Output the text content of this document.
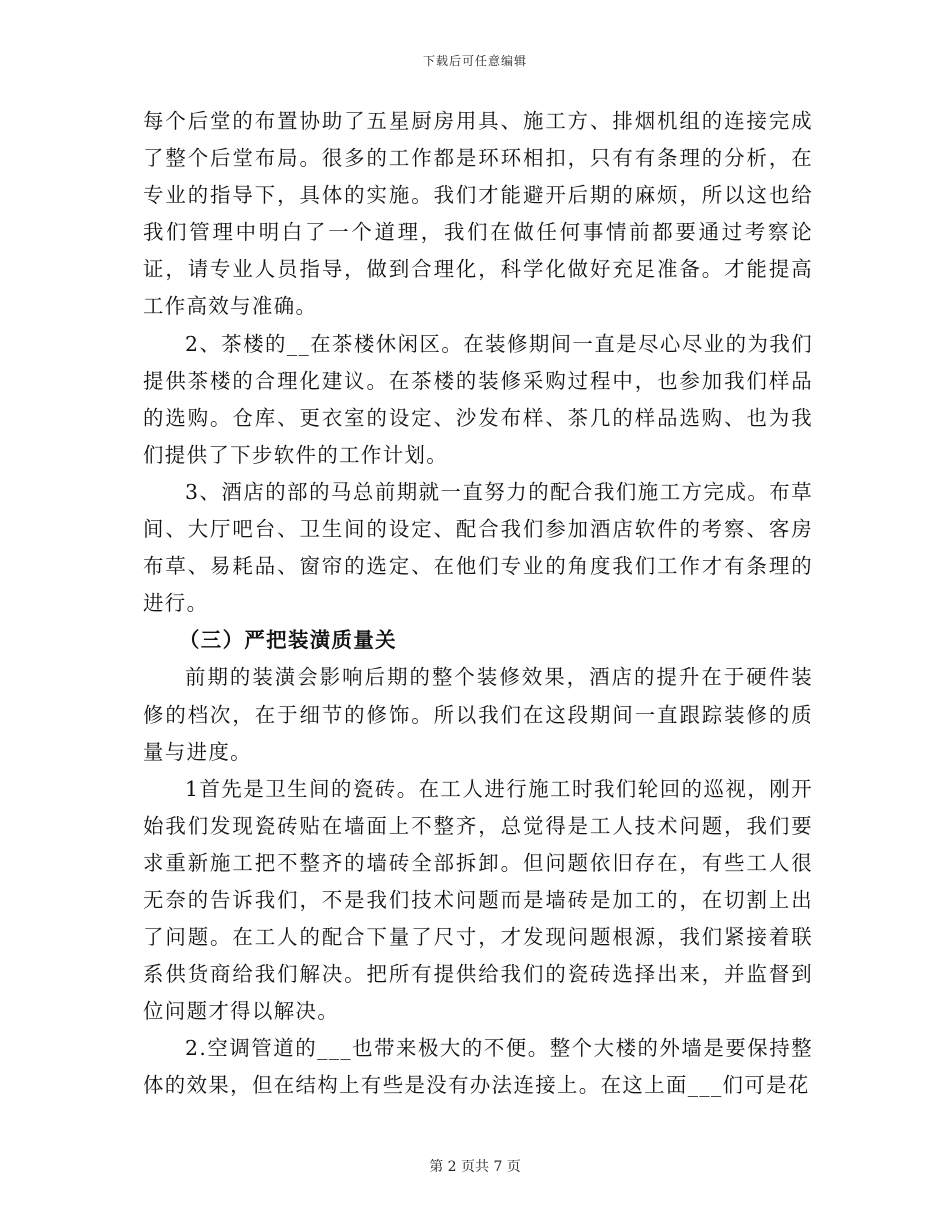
下载后可任意编辑

每个后堂的布置协助了五星厨房用具、施工方、排烟机组的连接完成了整个后堂布局。很多的工作都是环环相扣，只有有条理的分析，在专业的指导下，具体的实施。我们才能避开后期的麻烦，所以这也给我们管理中明白了一个道理，我们在做任何事情前都要通过考察论证，请专业人员指导，做到合理化，科学化做好充足准备。才能提高工作高效与准确。

2、茶楼的__在茶楼休闲区。在装修期间一直是尽心尽业的为我们提供茶楼的合理化建议。在茶楼的装修采购过程中，也参加我们样品的选购。仓库、更衣室的设定、沙发布样、茶几的样品选购、也为我们提供了下步软件的工作计划。

3、酒店的部的马总前期就一直努力的配合我们施工方完成。布草间、大厅吧台、卫生间的设定、配合我们参加酒店软件的考察、客房布草、易耗品、窗帘的选定、在他们专业的角度我们工作才有条理的进行。

（三）严把装潢质量关

前期的装潢会影响后期的整个装修效果，酒店的提升在于硬件装修的档次，在于细节的修饰。所以我们在这段期间一直跟踪装修的质量与进度。

1首先是卫生间的瓷砖。在工人进行施工时我们轮回的巡视，刚开始我们发现瓷砖贴在墙面上不整齐，总觉得是工人技术问题，我们要求重新施工把不整齐的墙砖全部拆卸。但问题依旧存在，有些工人很无奈的告诉我们，不是我们技术问题而是墙砖是加工的，在切割上出了问题。在工人的配合下量了尺寸，才发现问题根源，我们紧接着联系供货商给我们解决。把所有提供给我们的瓷砖选择出来，并监督到位问题才得以解决。

2.空调管道的___也带来极大的不便。整个大楼的外墙是要保持整体的效果，但在结构上有些是没有办法连接上。在这上面___们可是花

第 2 页共 7 页
